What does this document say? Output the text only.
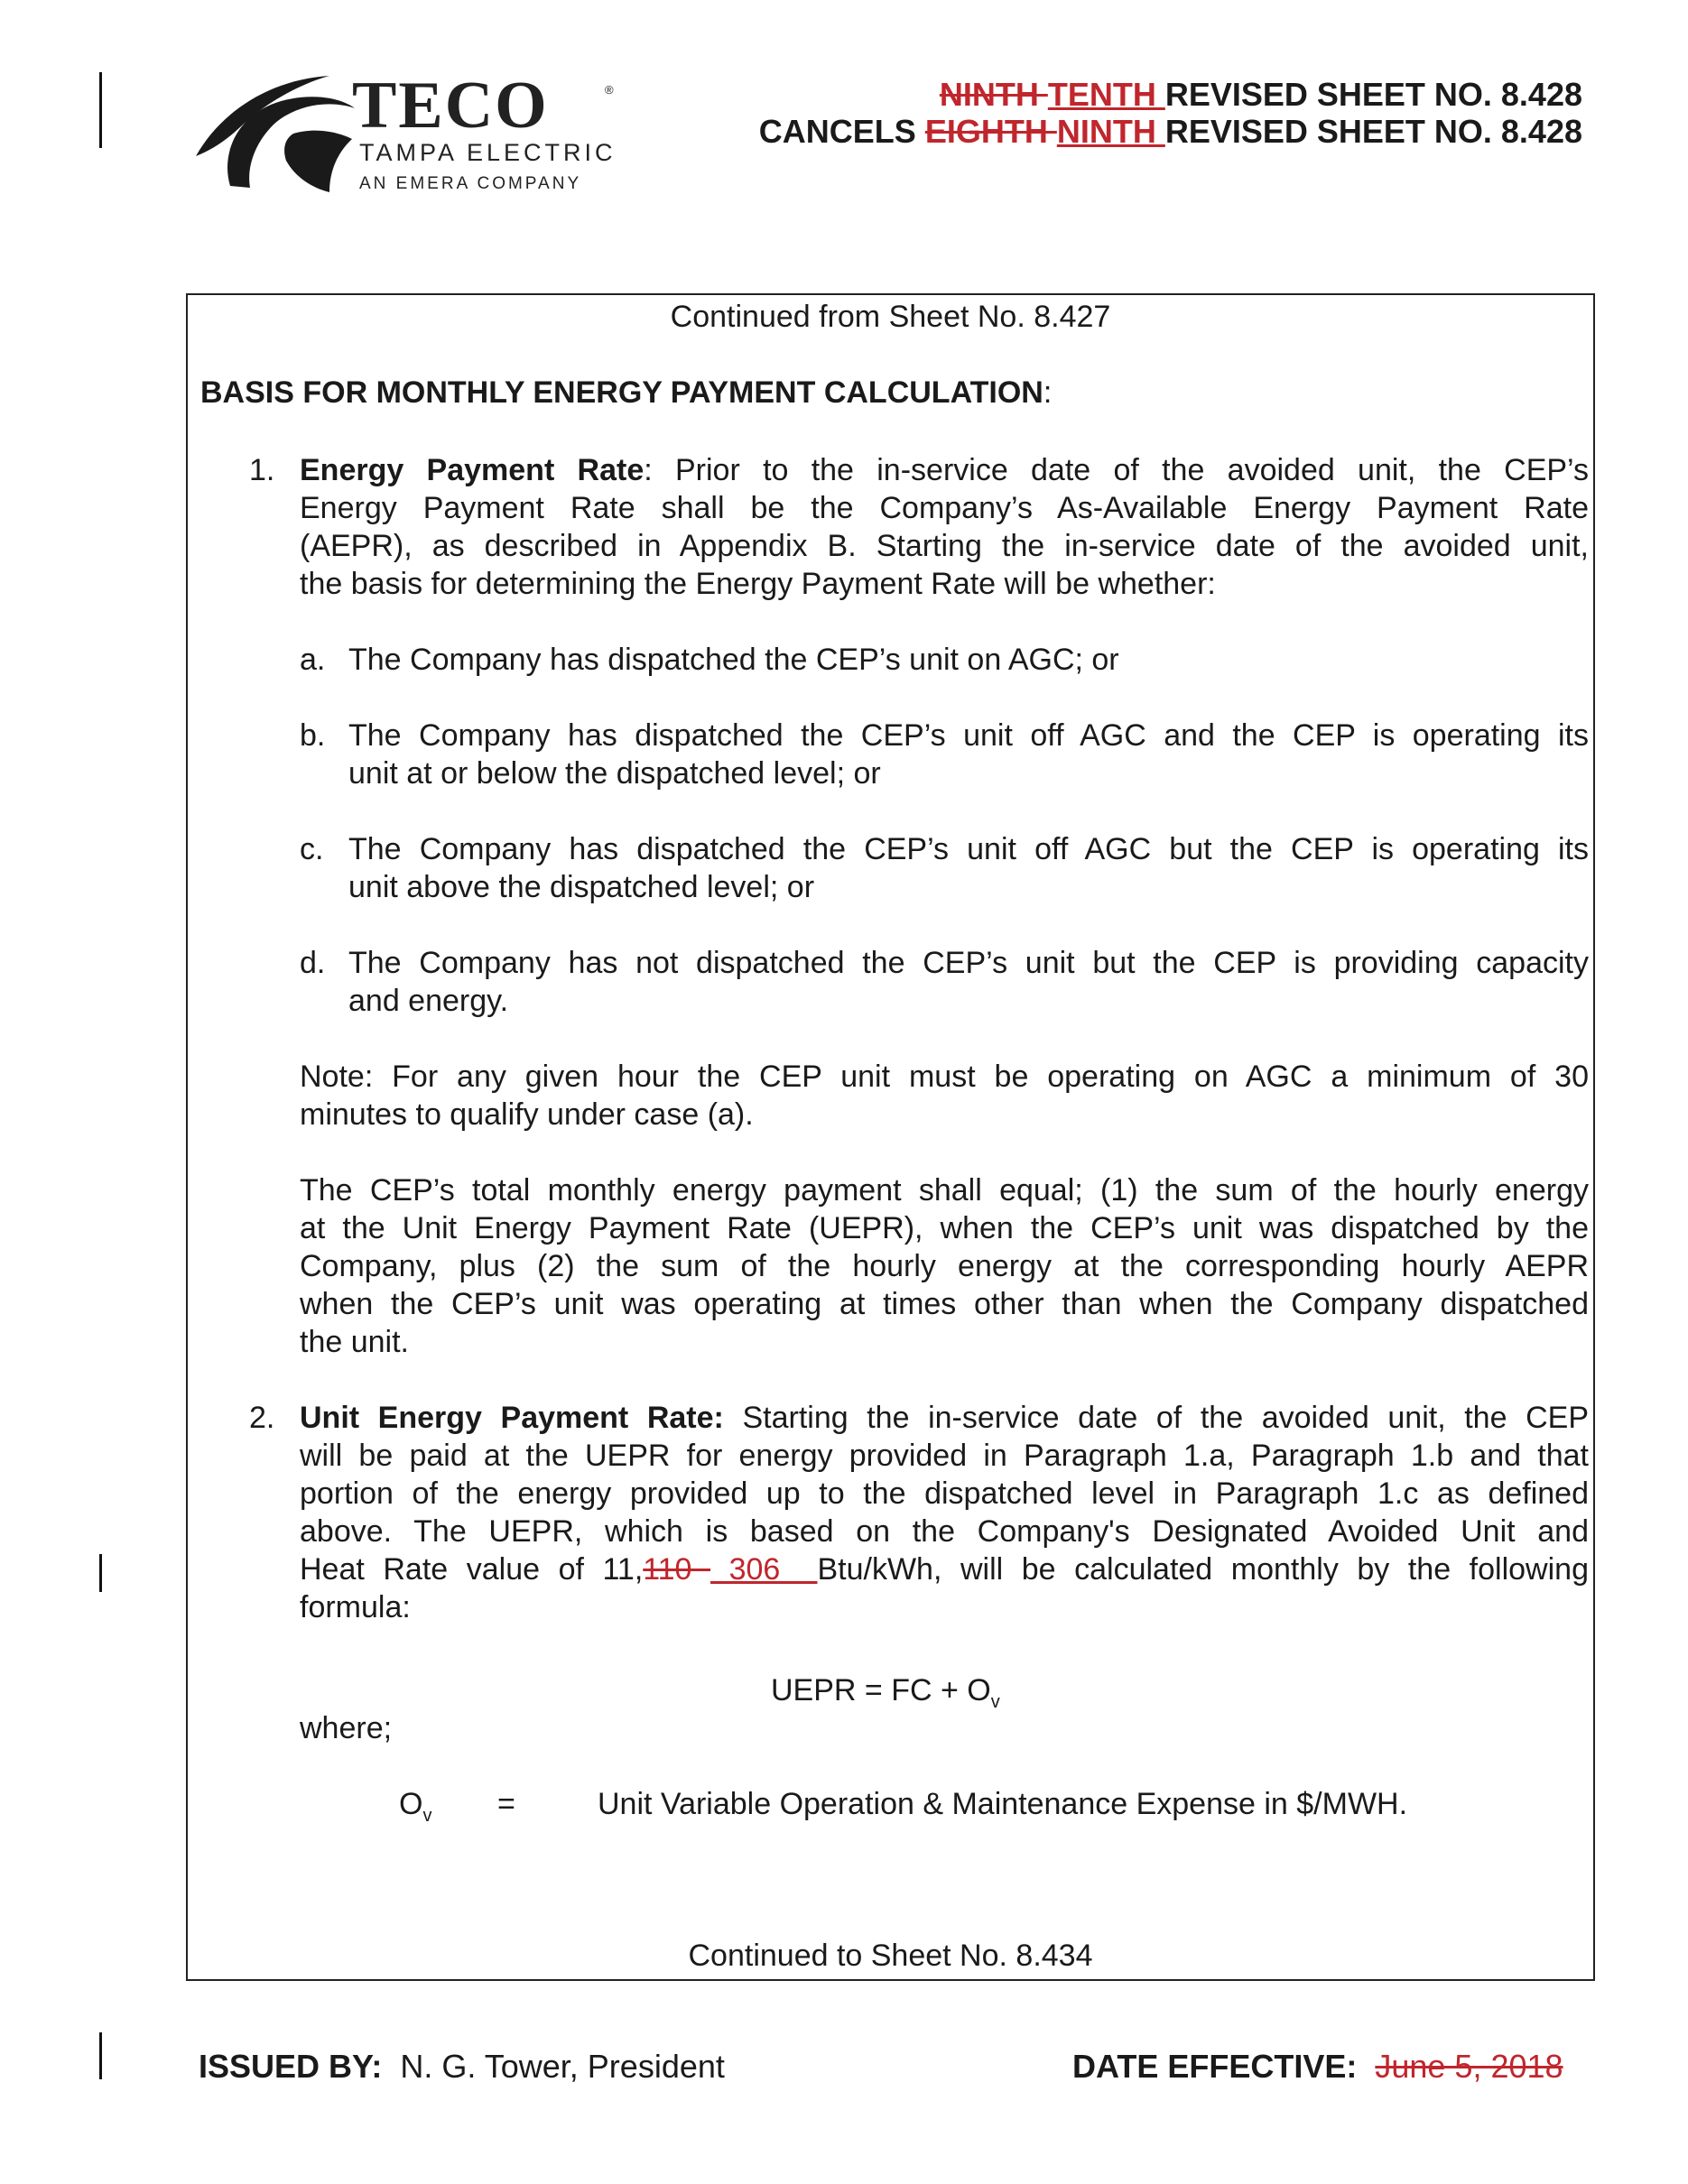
TECO	®
TAMPA ELECTRIC
AN EMERA COMPANY
NINTH TENTH REVISED SHEET NO. 8.428
CANCELS EIGHTH NINTH REVISED SHEET NO. 8.428
Continued from Sheet No. 8.427
BASIS FOR MONTHLY ENERGY PAYMENT CALCULATION:
1. Energy Payment Rate: Prior to the in-service date of the avoided unit, the CEP’s
Energy Payment Rate shall be the Company’s As-Available Energy Payment Rate
(AEPR), as described in Appendix B. Starting the in-service date of the avoided unit,
the basis for determining the Energy Payment Rate will be whether:
a. The Company has dispatched the CEP’s unit on AGC; or
b. The Company has dispatched the CEP’s unit off AGC and the CEP is operating its
unit at or below the dispatched level; or
c. The Company has dispatched the CEP’s unit off AGC but the CEP is operating its
unit above the dispatched level; or
d. The Company has not dispatched the CEP’s unit but the CEP is providing capacity
and energy.
Note: For any given hour the CEP unit must be operating on AGC a minimum of 30
minutes to qualify under case (a).
The CEP’s total monthly energy payment shall equal; (1) the sum of the hourly energy
at the Unit Energy Payment Rate (UEPR), when the CEP’s unit was dispatched by the
Company, plus (2) the sum of the hourly energy at the corresponding hourly AEPR
when the CEP’s unit was operating at times other than when the Company dispatched
the unit.
2. Unit Energy Payment Rate: Starting the in-service date of the avoided unit, the CEP
will be paid at the UEPR for energy provided in Paragraph 1.a, Paragraph 1.b and that
portion of the energy provided up to the dispatched level in Paragraph 1.c as defined
above. The UEPR, which is based on the Company's Designated Avoided Unit and
Heat Rate value of 11,110  306  Btu/kWh, will be calculated monthly by the following
formula:
UEPR = FC + $O_v$
where;
$O_v$ =	Unit Variable Operation & Maintenance Expense in $/MWH.
Continued to Sheet No. 8.434
ISSUED BY: N. G. Tower, President	DATE EFFECTIVE: June 5, 2018
